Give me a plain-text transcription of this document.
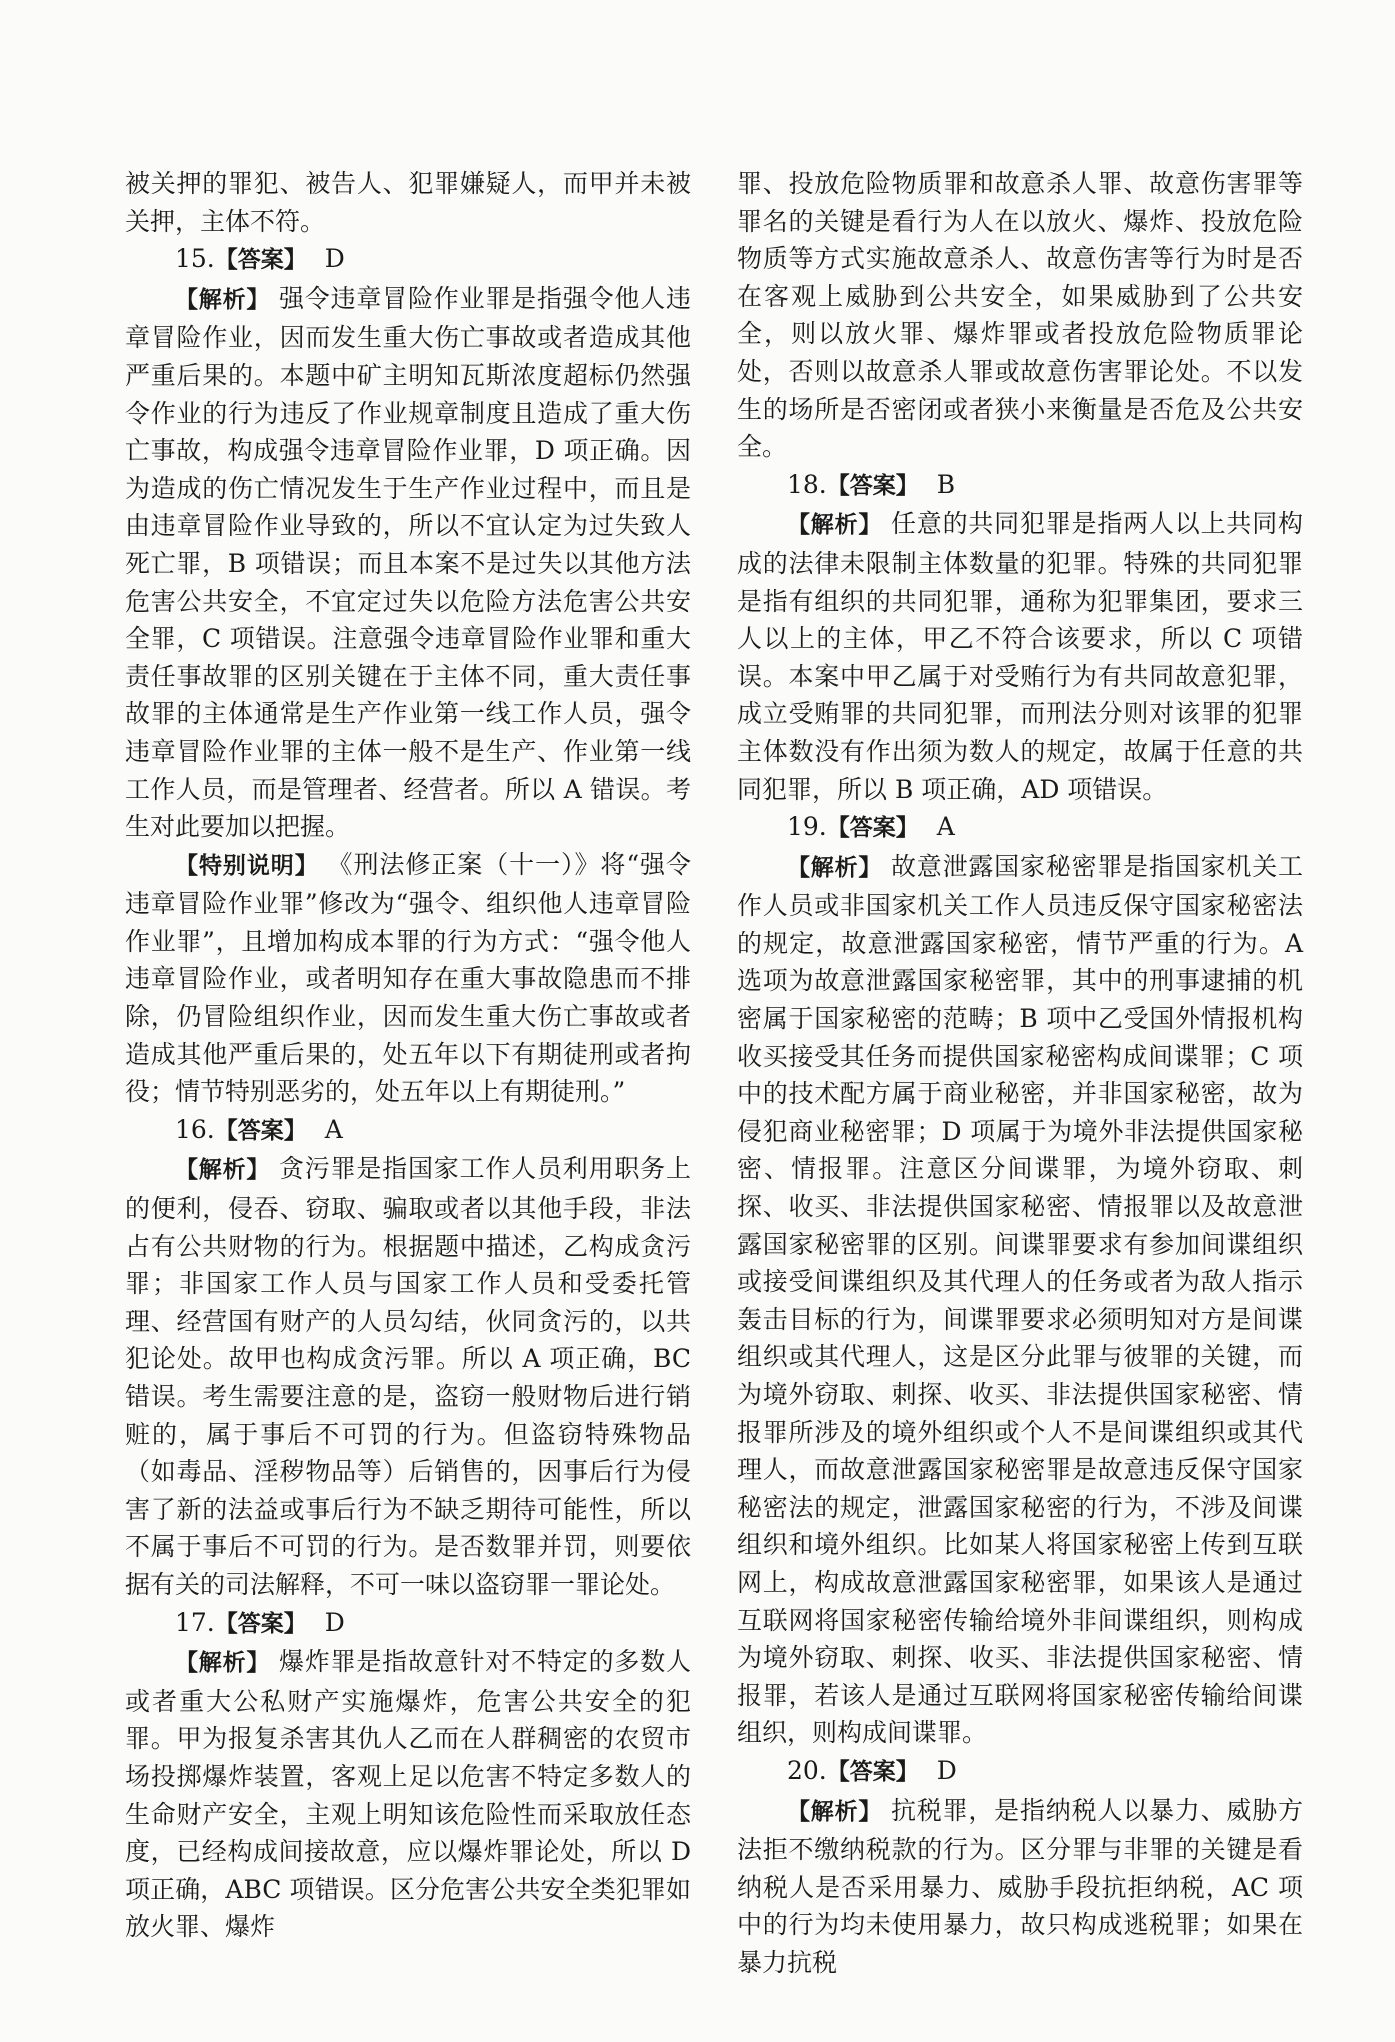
被关押的罪犯、被告人、犯罪嫌疑人，而甲并未被关押，主体不符。

15.【答案】 D

【解析】 强令违章冒险作业罪是指强令他人违章冒险作业，因而发生重大伤亡事故或者造成其他严重后果的。本题中矿主明知瓦斯浓度超标仍然强令作业的行为违反了作业规章制度且造成了重大伤亡事故，构成强令违章冒险作业罪，D 项正确。因为造成的伤亡情况发生于生产作业过程中，而且是由违章冒险作业导致的，所以不宜认定为过失致人死亡罪，B 项错误；而且本案不是过失以其他方法危害公共安全，不宜定过失以危险方法危害公共安全罪，C 项错误。注意强令违章冒险作业罪和重大责任事故罪的区别关键在于主体不同，重大责任事故罪的主体通常是生产作业第一线工作人员，强令违章冒险作业罪的主体一般不是生产、作业第一线工作人员，而是管理者、经营者。所以 A 错误。考生对此要加以把握。

【特别说明】 《刑法修正案（十一）》将“强令违章冒险作业罪”修改为“强令、组织他人违章冒险作业罪”，且增加构成本罪的行为方式：“强令他人违章冒险作业，或者明知存在重大事故隐患而不排除，仍冒险组织作业，因而发生重大伤亡事故或者造成其他严重后果的，处五年以下有期徒刑或者拘役；情节特别恶劣的，处五年以上有期徒刑。”

16.【答案】 A

【解析】 贪污罪是指国家工作人员利用职务上的便利，侵吞、窃取、骗取或者以其他手段，非法占有公共财物的行为。根据题中描述，乙构成贪污罪；非国家工作人员与国家工作人员和受委托管理、经营国有财产的人员勾结，伙同贪污的，以共犯论处。故甲也构成贪污罪。所以 A 项正确，BC 错误。考生需要注意的是，盗窃一般财物后进行销赃的，属于事后不可罚的行为。但盗窃特殊物品（如毒品、淫秽物品等）后销售的，因事后行为侵害了新的法益或事后行为不缺乏期待可能性，所以不属于事后不可罚的行为。是否数罪并罚，则要依据有关的司法解释，不可一味以盗窃罪一罪论处。

17.【答案】 D

【解析】 爆炸罪是指故意针对不特定的多数人或者重大公私财产实施爆炸，危害公共安全的犯罪。甲为报复杀害其仇人乙而在人群稠密的农贸市场投掷爆炸装置，客观上足以危害不特定多数人的生命财产安全，主观上明知该危险性而采取放任态度，已经构成间接故意，应以爆炸罪论处，所以 D 项正确，ABC 项错误。区分危害公共安全类犯罪如放火罪、爆炸

罪、投放危险物质罪和故意杀人罪、故意伤害罪等罪名的关键是看行为人在以放火、爆炸、投放危险物质等方式实施故意杀人、故意伤害等行为时是否在客观上威胁到公共安全，如果威胁到了公共安全，则以放火罪、爆炸罪或者投放危险物质罪论处，否则以故意杀人罪或故意伤害罪论处。不以发生的场所是否密闭或者狭小来衡量是否危及公共安全。

18.【答案】 B

【解析】 任意的共同犯罪是指两人以上共同构成的法律未限制主体数量的犯罪。特殊的共同犯罪是指有组织的共同犯罪，通称为犯罪集团，要求三人以上的主体，甲乙不符合该要求，所以 C 项错误。本案中甲乙属于对受贿行为有共同故意犯罪，成立受贿罪的共同犯罪，而刑法分则对该罪的犯罪主体数没有作出须为数人的规定，故属于任意的共同犯罪，所以 B 项正确，AD 项错误。

19.【答案】 A

【解析】 故意泄露国家秘密罪是指国家机关工作人员或非国家机关工作人员违反保守国家秘密法的规定，故意泄露国家秘密，情节严重的行为。A 选项为故意泄露国家秘密罪，其中的刑事逮捕的机密属于国家秘密的范畴；B 项中乙受国外情报机构收买接受其任务而提供国家秘密构成间谍罪；C 项中的技术配方属于商业秘密，并非国家秘密，故为侵犯商业秘密罪；D 项属于为境外非法提供国家秘密、情报罪。注意区分间谍罪，为境外窃取、刺探、收买、非法提供国家秘密、情报罪以及故意泄露国家秘密罪的区别。间谍罪要求有参加间谍组织或接受间谍组织及其代理人的任务或者为敌人指示轰击目标的行为，间谍罪要求必须明知对方是间谍组织或其代理人，这是区分此罪与彼罪的关键，而为境外窃取、刺探、收买、非法提供国家秘密、情报罪所涉及的境外组织或个人不是间谍组织或其代理人，而故意泄露国家秘密罪是故意违反保守国家秘密法的规定，泄露国家秘密的行为，不涉及间谍组织和境外组织。比如某人将国家秘密上传到互联网上，构成故意泄露国家秘密罪，如果该人是通过互联网将国家秘密传输给境外非间谍组织，则构成为境外窃取、刺探、收买、非法提供国家秘密、情报罪，若该人是通过互联网将国家秘密传输给间谍组织，则构成间谍罪。

20.【答案】 D

【解析】 抗税罪，是指纳税人以暴力、威胁方法拒不缴纳税款的行为。区分罪与非罪的关键是看纳税人是否采用暴力、威胁手段抗拒纳税，AC 项中的行为均未使用暴力，故只构成逃税罪；如果在暴力抗税
